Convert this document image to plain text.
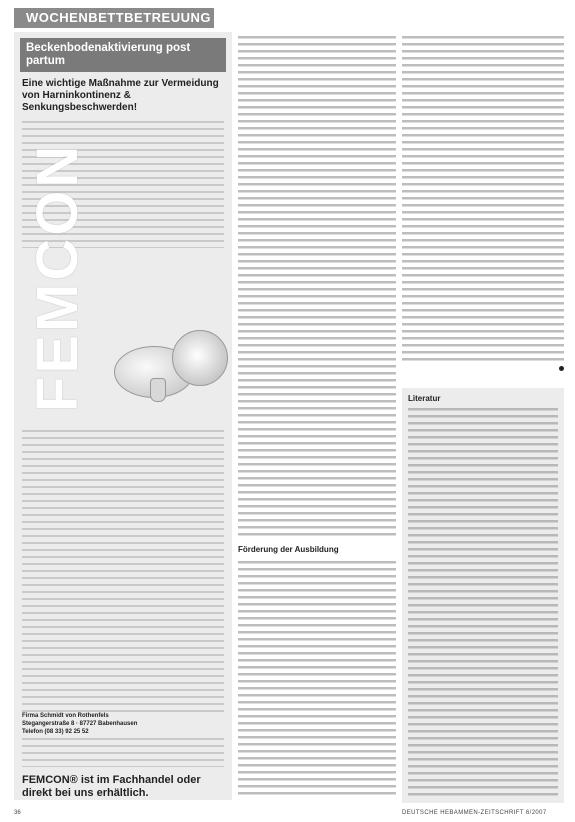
WOCHENBETTBETREUUNG
Beckenbodenaktivierung post partum
Eine wichtige Maßnahme zur Vermeidung von Harninkontinenz & Senkungsbeschwerden!
FEMCON
Firma Schmidt von Rothenfels
Stegangerstraße 8 · 87727 Babenhausen
Telefon (08 33) 92 25 52
FEMCON® ist im Fachhandel oder direkt bei uns erhältlich.
Förderung der Ausbildung
Literatur
36	DEUTSCHE HEBAMMEN-ZEITSCHRIFT 6/2007
